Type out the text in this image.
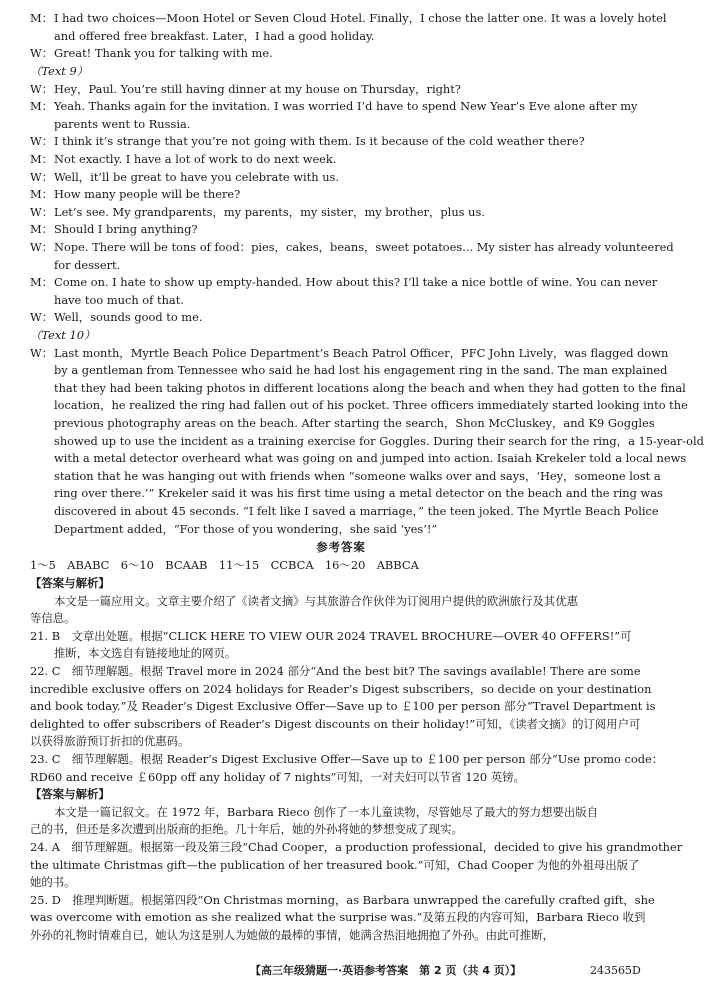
M：I had two choices—Moon Hotel or Seven Cloud Hotel. Finally，I chose the latter one. It was a lovely hotel
and offered free breakfast. Later，I had a good holiday.
W：Great! Thank you for talking with me.
（Text 9）
W：Hey，Paul. You’re still having dinner at my house on Thursday，right?
M：Yeah. Thanks again for the invitation. I was worried I’d have to spend New Year’s Eve alone after my
parents went to Russia.
W：I think it’s strange that you’re not going with them. Is it because of the cold weather there?
M：Not exactly. I have a lot of work to do next week.
W：Well，it’ll be great to have you celebrate with us.
M：How many people will be there?
W：Let’s see. My grandparents，my parents，my sister，my brother，plus us.
M：Should I bring anything?
W：Nope. There will be tons of food：pies，cakes，beans，sweet potatoes... My sister has already volunteered
for dessert.
M：Come on. I hate to show up empty-handed. How about this? I’ll take a nice bottle of wine. You can never
have too much of that.
W：Well，sounds good to me.
（Text 10）
W：Last month，Myrtle Beach Police Department’s Beach Patrol Officer，PFC John Lively，was flagged down
by a gentleman from Tennessee who said he had lost his engagement ring in the sand. The man explained
that they had been taking photos in different locations along the beach and when they had gotten to the final
location，he realized the ring had fallen out of his pocket. Three officers immediately started looking into the
previous photography areas on the beach. After starting the search，Shon McCluskey，and K9 Goggles
showed up to use the incident as a training exercise for Goggles. During their search for the ring，a 15-year-old
with a metal detector overheard what was going on and jumped into action. Isaiah Krekeler told a local news
station that he was hanging out with friends when “someone walks over and says，‘Hey，someone lost a
ring over there.’” Krekeler said it was his first time using a metal detector on the beach and the ring was
discovered in about 45 seconds. “I felt like I saved a marriage，” the teen joked. The Myrtle Beach Police
Department added，“For those of you wondering，she said ‘yes’!”
参考答案
1～5　ABABC　6～10　BCAAB　11～15　CCBCA　16～20　ABBCA
【答案与解析】
本文是一篇应用文。文章主要介绍了《读者文摘》与其旅游合作伙伴为订阅用户提供的欧洲旅行及其优惠
等信息。
21. B　文章出处题。根据“CLICK HERE TO VIEW OUR 2024 TRAVEL BROCHURE—OVER 40 OFFERS!”可
推断，本文选自有链接地址的网页。
22. C　细节理解题。根据 Travel more in 2024 部分“And the best bit? The savings available! There are some
incredible exclusive offers on 2024 holidays for Reader’s Digest subscribers，so decide on your destination
and book today.”及 Reader’s Digest Exclusive Offer—Save up to ￡100 per person 部分“Travel Department is
delighted to offer subscribers of Reader’s Digest discounts on their holiday!”可知，《读者文摘》的订阅用户可
以获得旅游预订折扣的优惠码。
23. C　细节理解题。根据 Reader’s Digest Exclusive Offer—Save up to ￡100 per person 部分“Use promo code：
RD60 and receive ￡60pp off any holiday of 7 nights”可知，一对夫妇可以节省 120 英镑。
【答案与解析】
本文是一篇记叙文。在 1972 年，Barbara Rieco 创作了一本儿童读物，尽管她尽了最大的努力想要出版自
己的书，但还是多次遭到出版商的拒绝。几十年后，她的外孙将她的梦想变成了现实。
24. A　细节理解题。根据第一段及第三段“Chad Cooper，a production professional，decided to give his grandmother
the ultimate Christmas gift—the publication of her treasured book.”可知，Chad Cooper 为他的外祖母出版了
她的书。
25. D　推理判断题。根据第四段“On Christmas morning，as Barbara unwrapped the carefully crafted gift，she
was overcome with emotion as she realized what the surprise was.”及第五段的内容可知，Barbara Rieco 收到
外孙的礼物时情难自已，她认为这是别人为她做的最棒的事情，她满含热泪地拥抱了外孙。由此可推断，
【高三年级猜题一·英语参考答案　第 2 页（共 4 页）】	243565D
